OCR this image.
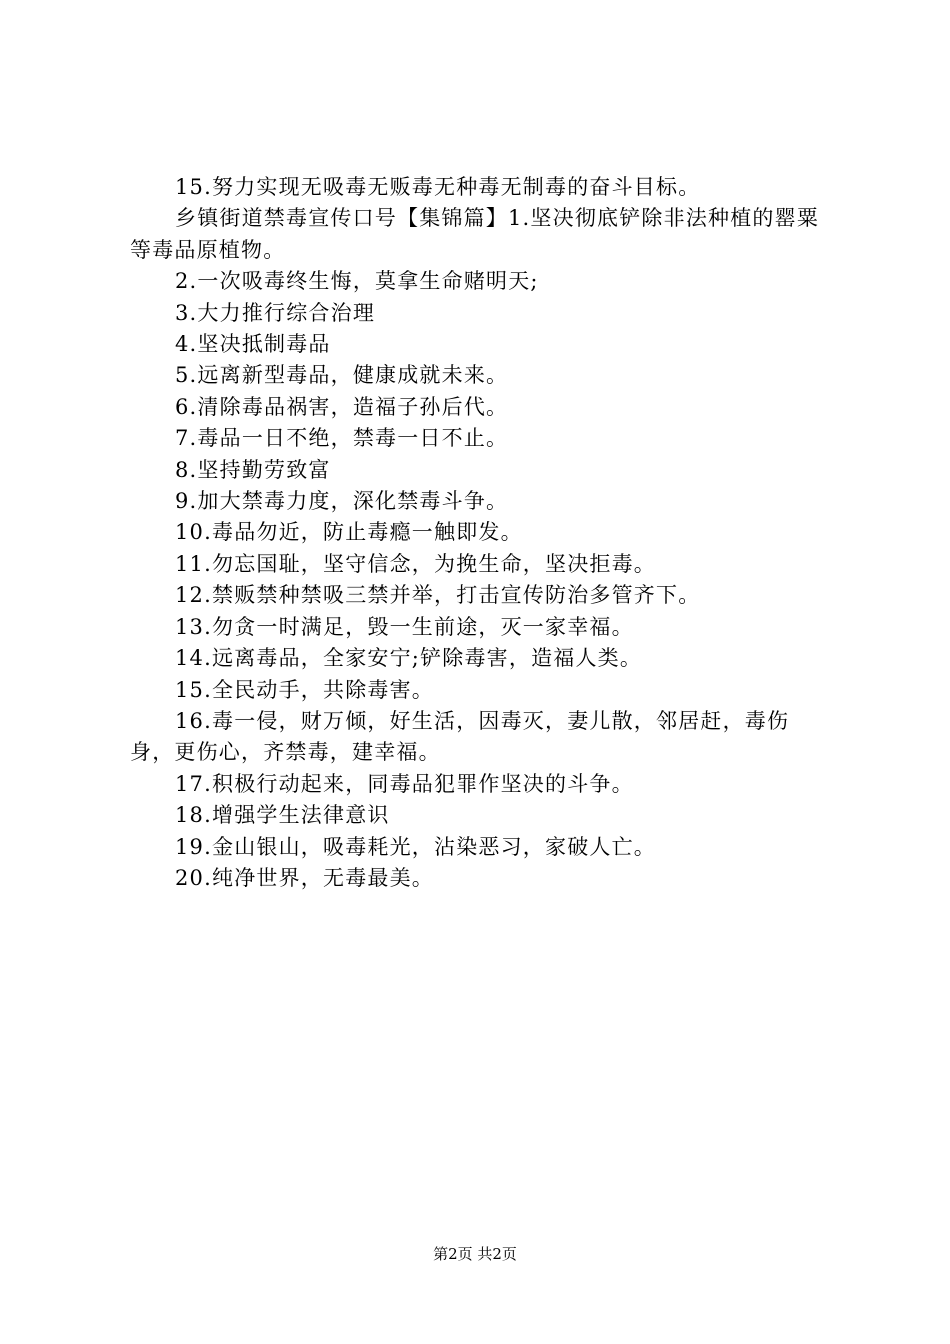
15.努力实现无吸毒无贩毒无种毒无制毒的奋斗目标。

乡镇街道禁毒宣传口号【集锦篇】1.坚决彻底铲除非法种植的罂粟等毒品原植物。

2.一次吸毒终生悔，莫拿生命赌明天;

3.大力推行综合治理

4.坚决抵制毒品

5.远离新型毒品，健康成就未来。

6.清除毒品祸害，造福子孙后代。

7.毒品一日不绝，禁毒一日不止。

8.坚持勤劳致富

9.加大禁毒力度，深化禁毒斗争。

10.毒品勿近，防止毒瘾一触即发。

11.勿忘国耻，坚守信念，为挽生命，坚决拒毒。

12.禁贩禁种禁吸三禁并举，打击宣传防治多管齐下。

13.勿贪一时满足，毁一生前途，灭一家幸福。

14.远离毒品，全家安宁;铲除毒害，造福人类。

15.全民动手，共除毒害。

16.毒一侵，财万倾，好生活，因毒灭，妻儿散，邻居赶，毒伤身，更伤心，齐禁毒，建幸福。

17.积极行动起来，同毒品犯罪作坚决的斗争。

18.增强学生法律意识

19.金山银山，吸毒耗光，沾染恶习，家破人亡。

20.纯净世界，无毒最美。

第2页 共2页
